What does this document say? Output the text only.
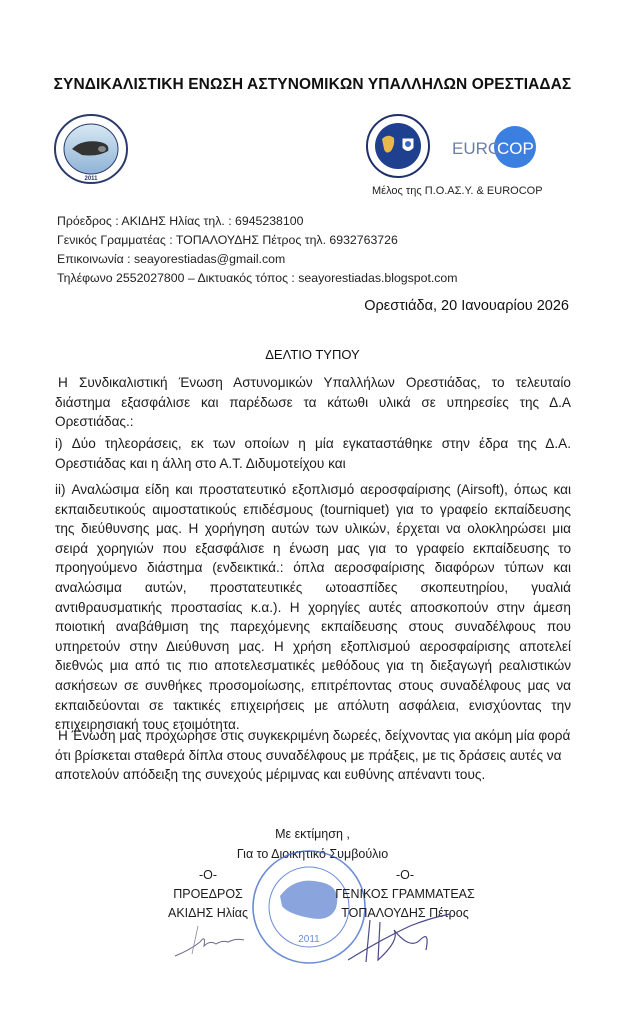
ΣΥΝΔΙΚΑΛΙΣΤΙΚΗ ΕΝΩΣΗ ΑΣΤΥΝΟΜΙΚΩΝ ΥΠΑΛΛΗΛΩΝ ΟΡΕΣΤΙΑΔΑΣ
2011
EURO
COP
Μέλος της Π.Ο.ΑΣ.Υ. & EUROCOP
Πρόεδρος : ΑΚΙΔΗΣ Ηλίας τηλ. : 6945238100
Γενικός Γραμματέας : ΤΟΠΑΛΟΥΔΗΣ Πέτρος τηλ. 6932763726
Επικοινωνία : seayorestiadas@gmail.com
Τηλέφωνο 2552027800 – Δικτυακός τόπος : seayorestiadas.blogspot.com
Ορεστιάδα, 20 Ιανουαρίου 2026
ΔΕΛΤΙΟ ΤΥΠΟΥ
Η Συνδικαλιστική Ένωση Αστυνομικών Υπαλλήλων Ορεστιάδας, το τελευταίο διάστημα εξασφάλισε και παρέδωσε τα κάτωθι υλικά σε υπηρεσίες της Δ.Α Ορεστιάδας.:
i) Δύο τηλεοράσεις, εκ των οποίων η μία εγκαταστάθηκε στην έδρα της Δ.Α. Ορεστιάδας και η άλλη στο Α.Τ. Διδυμοτείχου και
ii) Αναλώσιμα είδη και προστατευτικό εξοπλισμό αεροσφαίρισης (Airsoft), όπως και εκπαιδευτικούς αιμοστατικούς επιδέσμους (tourniquet) για το γραφείο εκπαίδευσης της διεύθυνσης μας. Η χορήγηση αυτών των υλικών, έρχεται να ολοκληρώσει μια σειρά χορηγιών που εξασφάλισε η ένωση μας για το γραφείο εκπαίδευσης το προηγούμενο διάστημα (ενδεικτικά.: όπλα αεροσφαίρισης διαφόρων τύπων και αναλώσιμα αυτών, προστατευτικές ωτοασπίδες σκοπευτηρίου, γυαλιά αντιθραυσματικής προστασίας κ.α.). Η χορηγίες αυτές αποσκοπούν στην άμεση ποιοτική αναβάθμιση της παρεχόμενης εκπαίδευσης στους συναδέλφους που υπηρετούν στην Διεύθυνση μας. Η χρήση εξοπλισμού αεροσφαίρισης αποτελεί διεθνώς μια από τις πιο αποτελεσματικές μεθόδους για τη διεξαγωγή ρεαλιστικών ασκήσεων σε συνθήκες προσομοίωσης, επιτρέποντας στους συναδέλφους μας να εκπαιδεύονται σε τακτικές επιχειρήσεις με απόλυτη ασφάλεια, ενισχύοντας την επιχειρησιακή τους ετοιμότητα.
Η Ένωση μας προχώρησε στις συγκεκριμένη δωρεές, δείχνοντας για ακόμη μία φορά ότι βρίσκεται σταθερά δίπλα στους συναδέλφους με πράξεις, με τις δράσεις αυτές να αποτελούν απόδειξη της συνεχούς μέριμνας και ευθύνης απέναντι τους.
Με εκτίμηση ,
Για το Διοικητικό Συμβούλιο
2011
-O-	-O-
ΠΡΟΕΔΡΟΣ	ΓΕΝΙΚΟΣ ΓΡΑΜΜΑΤΕΑΣ
ΑΚΙΔΗΣ Ηλίας	ΤΟΠΑΛΟΥΔΗΣ Πέτρος
